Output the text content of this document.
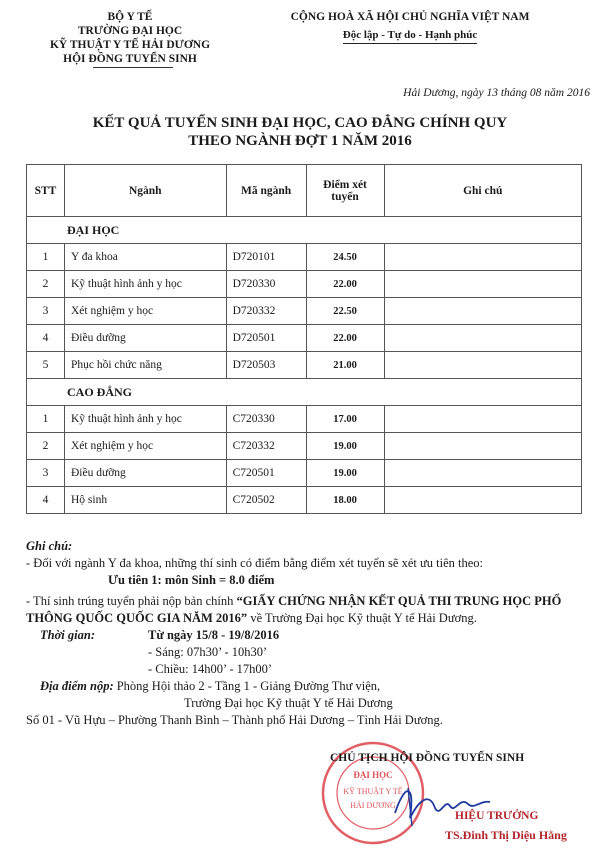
BỘ Y TẾ
TRƯỜNG ĐẠI HỌC
KỸ THUẬT Y TẾ HẢI DƯƠNG
HỘI ĐỒNG TUYỂN SINH
CỘNG HOÀ XÃ HỘI CHỦ NGHĨA VIỆT NAM
Độc lập - Tự do - Hạnh phúc
Hải Dương, ngày 13 tháng 08 năm 2016
KẾT QUẢ TUYỂN SINH ĐẠI HỌC, CAO ĐẲNG CHÍNH QUY
THEO NGÀNH ĐỢT 1 NĂM 2016
STT	Ngành	Mã ngành	Điểm xét tuyển	Ghi chú
ĐẠI HỌC				
1	Y đa khoa	D720101	24.50	
2	Kỹ thuật hình ảnh y học	D720330	22.00	
3	Xét nghiệm y học	D720332	22.50	
4	Điều dưỡng	D720501	22.00	
5	Phục hồi chức năng	D720503	21.00	
CAO ĐẲNG				
1	Kỹ thuật hình ảnh y học	C720330	17.00	
2	Xét nghiệm y học	C720332	19.00	
3	Điều dưỡng	C720501	19.00	
4	Hộ sinh	C720502	18.00	
Ghi chú:
- Đối với ngành Y đa khoa, những thí sinh có điểm bằng điểm xét tuyển sẽ xét ưu tiên theo:
Ưu tiên 1: môn Sinh = 8.0 điểm
- Thí sinh trúng tuyển phải nộp bản chính “GIẤY CHỨNG NHẬN KẾT QUẢ THI TRUNG HỌC PHỔ THÔNG QUỐC QUỐC GIA NĂM 2016” về Trường Đại học Kỹ thuật Y tế Hải Dương.
Thời gian:	Từ ngày 15/8 - 19/8/2016
- Sáng: 07h30’ - 10h30’
- Chiều: 14h00’ - 17h00’
Địa điểm nộp: Phòng Hội thảo 2 - Tầng 1 - Giảng Đường Thư viện,
Trường Đại học Kỹ thuật Y tế Hải Dương
Số 01 - Vũ Hựu – Phường Thanh Bình – Thành phố Hải Dương – Tỉnh Hải Dương.
ĐẠI HỌC
KỸ THUẬT Y TẾ
HẢI DƯƠNG
CHỦ TỊCH HỘI ĐỒNG TUYỂN SINH
HIỆU TRƯỞNG
TS.Đinh Thị Diệu Hằng
